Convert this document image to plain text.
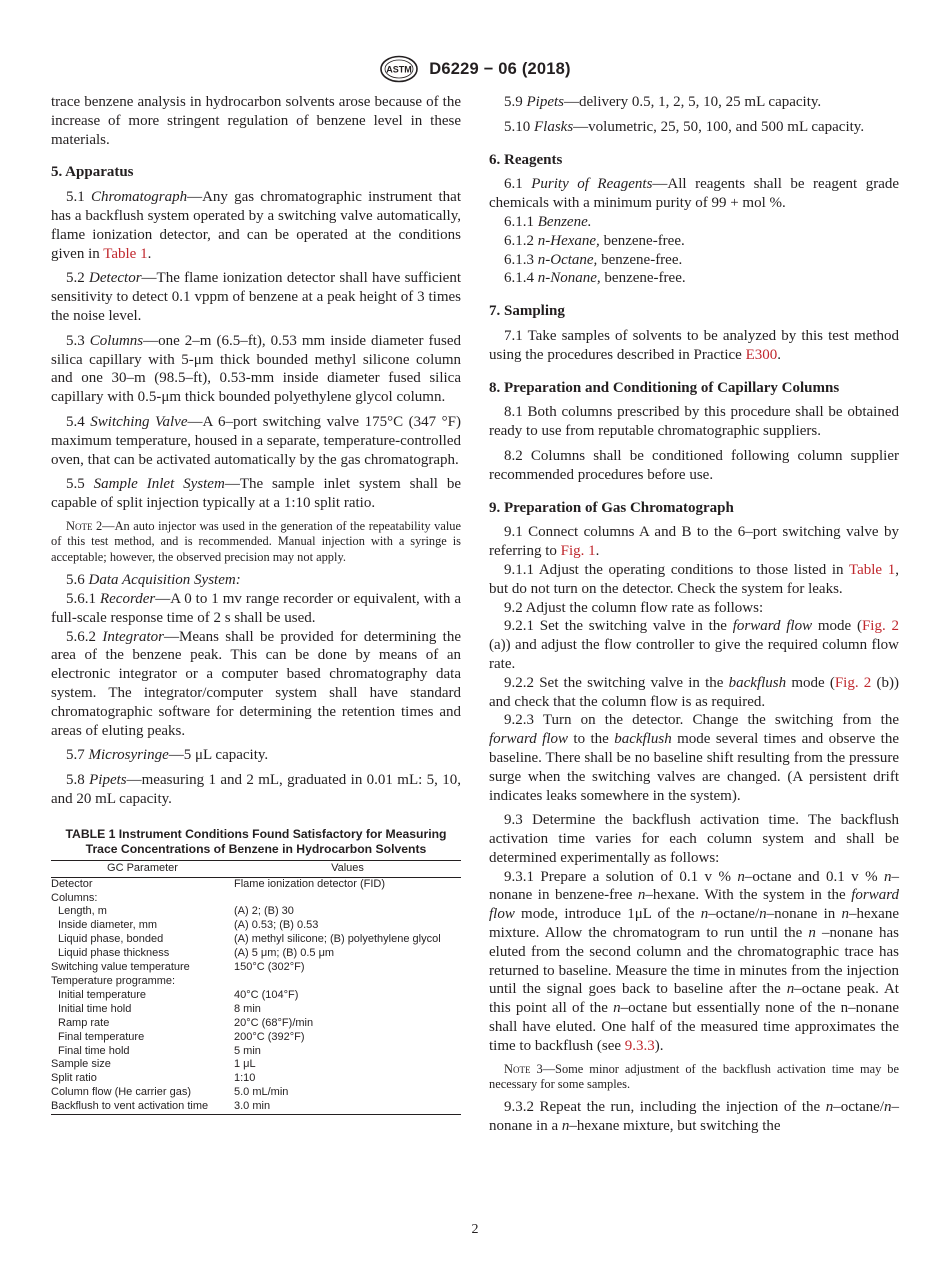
ASTM D6229 − 06 (2018)

trace benzene analysis in hydrocarbon solvents arose because of the increase of more stringent regulation of benzene level in these materials.

5. Apparatus

5.1 Chromatograph—Any gas chromatographic instrument that has a backflush system operated by a switching valve automatically, flame ionization detector, and can be operated at the conditions given in Table 1.

5.2 Detector—The flame ionization detector shall have sufficient sensitivity to detect 0.1 vppm of benzene at a peak height of 3 times the noise level.

5.3 Columns—one 2–m (6.5–ft), 0.53 mm inside diameter fused silica capillary with 5-μm thick bounded methyl silicone column and one 30–m (98.5–ft), 0.53-mm inside diameter fused silica capillary with 0.5-μm thick bounded polyethylene glycol column.

5.4 Switching Valve—A 6–port switching valve 175°C (347 °F) maximum temperature, housed in a separate, temperature-controlled oven, that can be activated automatically by the gas chromatograph.

5.5 Sample Inlet System—The sample inlet system shall be capable of split injection typically at a 1:10 split ratio.

Note 2—An auto injector was used in the generation of the repeatability value of this test method, and is recommended. Manual injection with a syringe is acceptable; however, the observed precision may not apply.

5.6 Data Acquisition System:

5.6.1 Recorder—A 0 to 1 mv range recorder or equivalent, with a full-scale response time of 2 s shall be used.

5.6.2 Integrator—Means shall be provided for determining the area of the benzene peak. This can be done by means of an electronic integrator or a computer based chromatography data system. The integrator/computer system shall have standard chromatographic software for determining the retention times and areas of eluting peaks.

5.7 Microsyringe—5 μL capacity.

5.8 Pipets—measuring 1 and 2 mL, graduated in 0.01 mL: 5, 10, and 20 mL capacity.

TABLE 1 Instrument Conditions Found Satisfactory for Measuring Trace Concentrations of Benzene in Hydrocarbon Solvents
GC Parameter	Values
Detector	Flame ionization detector (FID)
Columns:	
Length, m	(A) 2; (B) 30
Inside diameter, mm	(A) 0.53; (B) 0.53
Liquid phase, bonded	(A) methyl silicone; (B) polyethylene glycol
Liquid phase thickness	(A) 5 μm; (B) 0.5 μm
Switching value temperature	150°C (302°F)
Temperature programme:	
Initial temperature	40°C (104°F)
Initial time hold	8 min
Ramp rate	20°C (68°F)/min
Final temperature	200°C (392°F)
Final time hold	5 min
Sample size	1 μL
Split ratio	1:10
Column flow (He carrier gas)	5.0 mL/min
Backflush to vent activation time	3.0 min

5.9 Pipets—delivery 0.5, 1, 2, 5, 10, 25 mL capacity.

5.10 Flasks—volumetric, 25, 50, 100, and 500 mL capacity.

6. Reagents

6.1 Purity of Reagents—All reagents shall be reagent grade chemicals with a minimum purity of 99 + mol %.

6.1.1 Benzene.

6.1.2 n-Hexane, benzene-free.

6.1.3 n-Octane, benzene-free.

6.1.4 n-Nonane, benzene-free.

7. Sampling

7.1 Take samples of solvents to be analyzed by this test method using the procedures described in Practice E300.

8. Preparation and Conditioning of Capillary Columns

8.1 Both columns prescribed by this procedure shall be obtained ready to use from reputable chromatographic suppliers.

8.2 Columns shall be conditioned following column supplier recommended procedures before use.

9. Preparation of Gas Chromatograph

9.1 Connect columns A and B to the 6–port switching valve by referring to Fig. 1.

9.1.1 Adjust the operating conditions to those listed in Table 1, but do not turn on the detector. Check the system for leaks.

9.2 Adjust the column flow rate as follows:

9.2.1 Set the switching valve in the forward flow mode (Fig. 2 (a)) and adjust the flow controller to give the required column flow rate.

9.2.2 Set the switching valve in the backflush mode (Fig. 2 (b)) and check that the column flow is as required.

9.2.3 Turn on the detector. Change the switching from the forward flow to the backflush mode several times and observe the baseline. There shall be no baseline shift resulting from the pressure surge when the switching valves are changed. (A persistent drift indicates leaks somewhere in the system).

9.3 Determine the backflush activation time. The backflush activation time varies for each column system and shall be determined experimentally as follows:

9.3.1 Prepare a solution of 0.1 v % n–octane and 0.1 v % n–nonane in benzene-free n–hexane. With the system in the forward flow mode, introduce 1μL of the n–octane/n–nonane in n–hexane mixture. Allow the chromatogram to run until the n –nonane has eluted from the second column and the chromatographic trace has returned to baseline. Measure the time in minutes from the injection until the signal goes back to baseline after the n–octane peak. At this point all of the n–octane but essentially none of the n–nonane shall have eluted. One half of the measured time approximates the time to backflush (see 9.3.3).

Note 3—Some minor adjustment of the backflush activation time may be necessary for some samples.

9.3.2 Repeat the run, including the injection of the n–octane/n–nonane in a n–hexane mixture, but switching the

2
